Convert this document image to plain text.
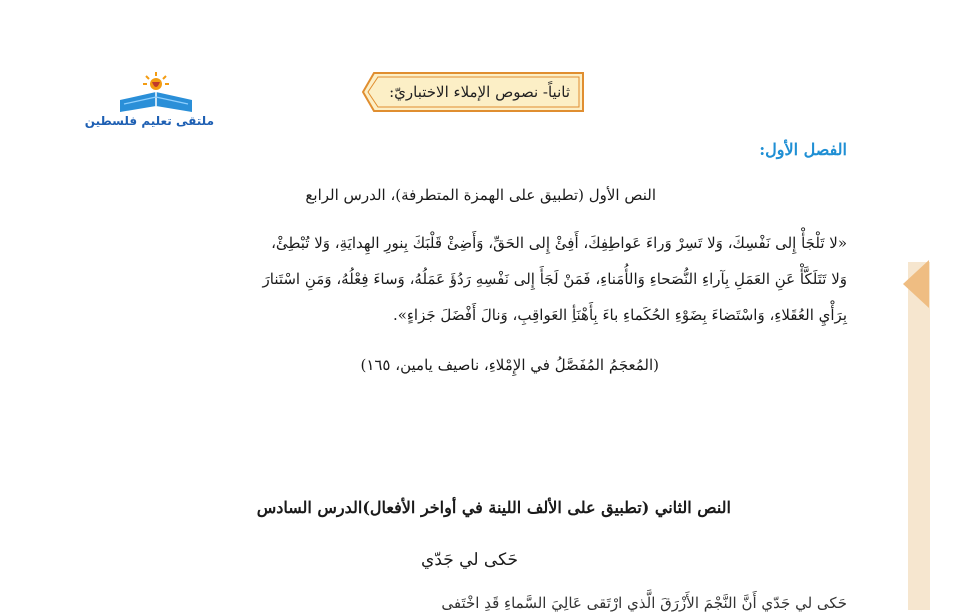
ملتقى تعليم فلسطين
ثانياً- نصوص الإملاء الاختباريّ:
الفصل الأول:
النص الأول (تطبيق على الهمزة المتطرفة)، الدرس الرابع
«لا تَلْجَأْ إِلى نَفْسِكَ، وَلا تَسِرْ وَراءَ عَواطِفِكَ، أَفِئْ إِلى الحَقِّ، وَأَضِئْ قَلْبَكَ بِنورِ الهِدايَةِ، وَلا تُبْطِئْ،
وَلا تَتَلَكَّأْ عَنِ العَمَلِ بِآراءِ النُّصَحاءِ وَالأُمَناءِ، فَمَنْ لَجَأَ إِلى نَفْسِهِ رَدُؤَ عَمَلُهُ، وَساءَ فِعْلُهُ، وَمَنِ اسْتَنارَ
بِرَأْيِ العُقَلاءِ، وَاسْتَضاءَ بِضَوْءِ الحُكَماءِ باءَ بِأَهْنَأِ العَواقِبِ، وَنالَ أَفْضَلَ جَزاءٍ».
(المُعجَمُ المُفَصَّلُ في الإِمْلاءِ، ناصيف يامين، ١٦٥)
النص الثاني (تطبيق على الألف اللينة في أواخر الأفعال)الدرس السادس
حَكى لي جَدّي
حَكى لي جَدّي أَنَّ النَّجْمَ الأَزْرَقَ الَّذي ارْتَقى عَالِيَ السَّماءِ قَدِ اخْتَفى
